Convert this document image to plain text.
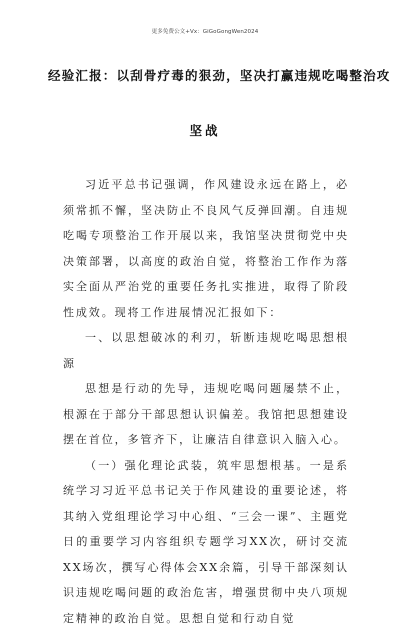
更多免费公文+Vx：GiGoGongWen2024
经验汇报：以刮骨疗毒的狠劲，坚决打赢违规吃喝整治攻
坚战

习近平总书记强调，作风建设永远在路上，必须常抓不懈，坚决防止不良风气反弹回潮。自违规吃喝专项整治工作开展以来，我馆坚决贯彻党中央决策部署，以高度的政治自觉，将整治工作作为落实全面从严治党的重要任务扎实推进，取得了阶段性成效。现将工作进展情况汇报如下：

一、以思想破冰的利刃，斩断违规吃喝思想根源

思想是行动的先导，违规吃喝问题屡禁不止，根源在于部分干部思想认识偏差。我馆把思想建设摆在首位，多管齐下，让廉洁自律意识入脑入心。

（一）强化理论武装，筑牢思想根基。一是系统学习习近平总书记关于作风建设的重要论述，将其纳入党组理论学习中心组、“三会一课”、主题党日的重要学习内容组织专题学习XX次，研讨交流XX场次，撰写心得体会XX余篇，引导干部深刻认识违规吃喝问题的政治危害，增强贯彻中央八项规定精神的政治自觉。思想自觉和行动自觉
